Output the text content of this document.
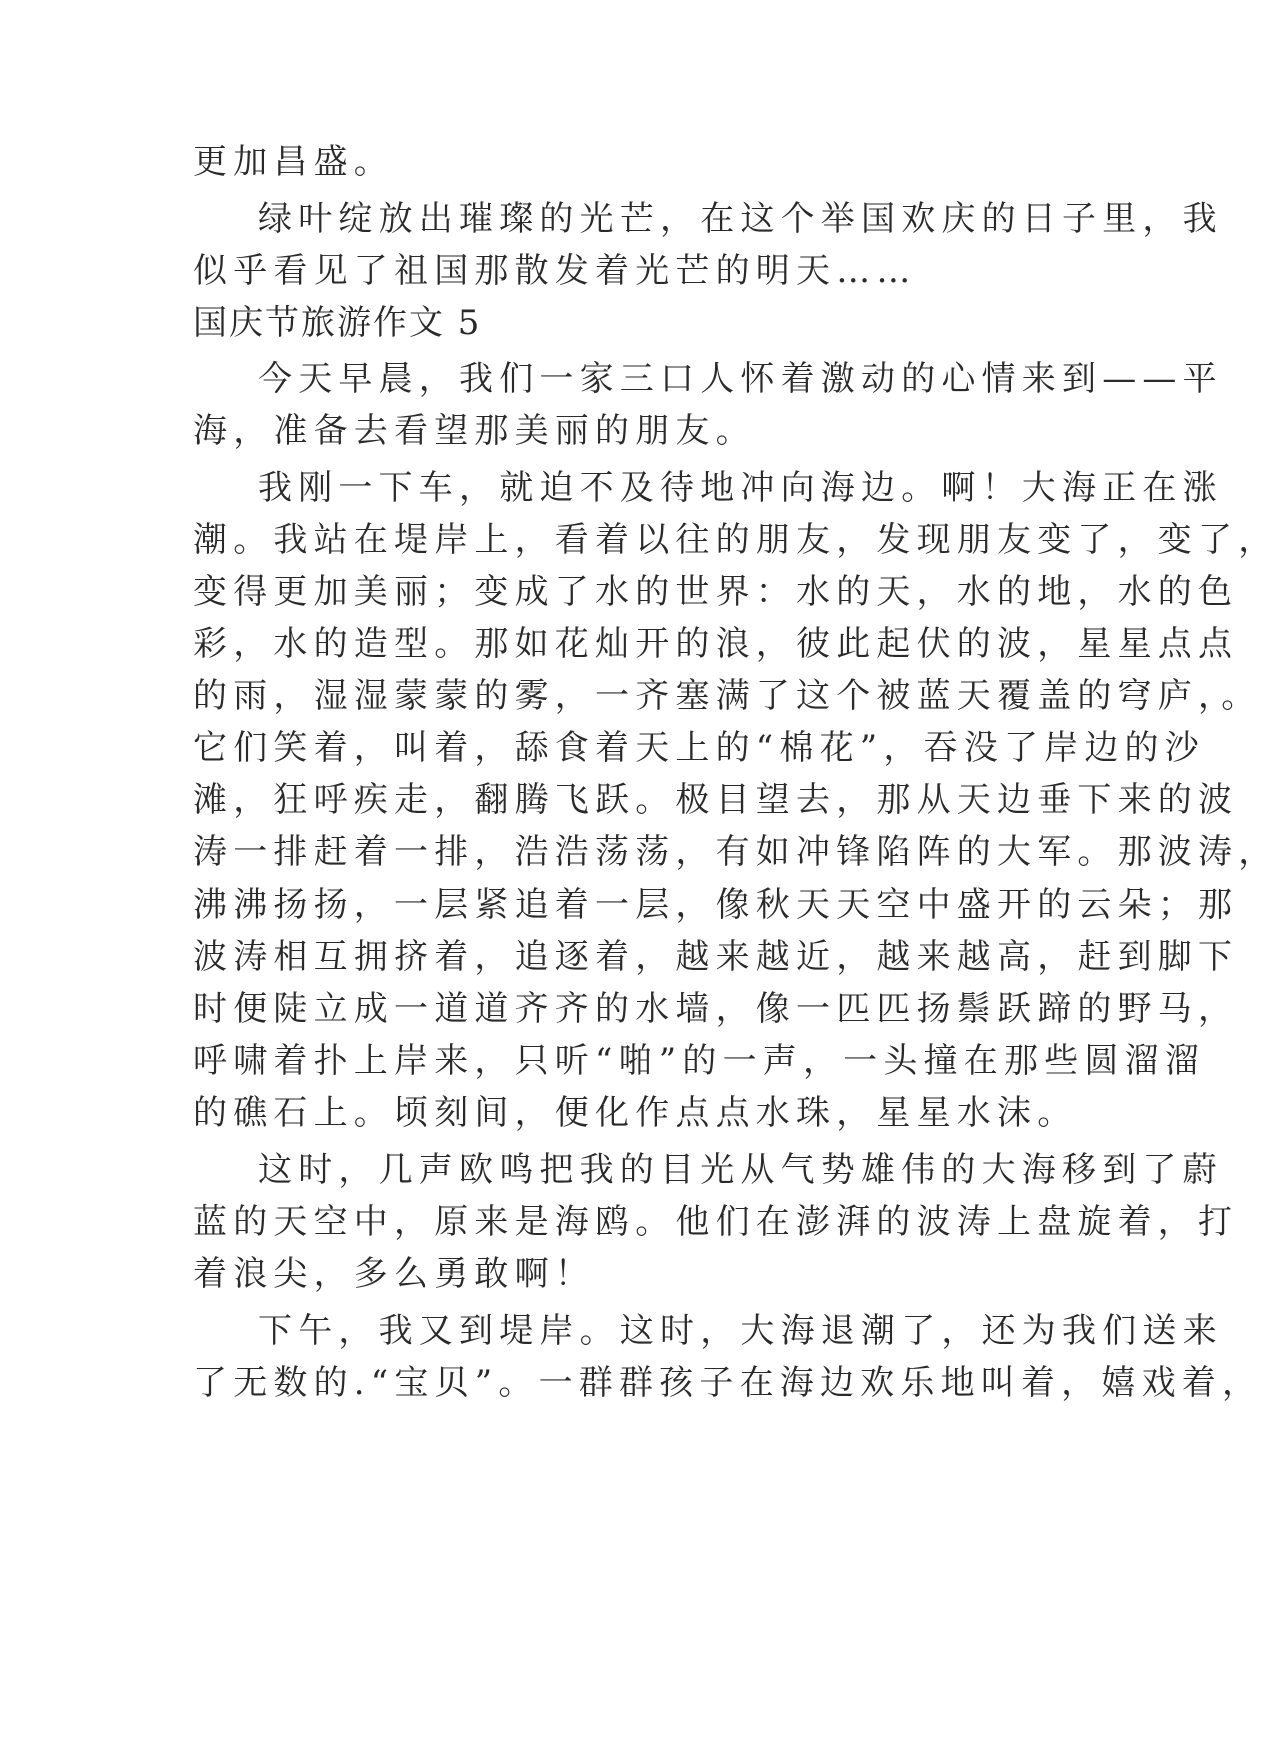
更加昌盛。
绿叶绽放出璀璨的光芒，在这个举国欢庆的日子里，我
似乎看见了祖国那散发着光芒的明天……
国庆节旅游作文 5
今天早晨，我们一家三口人怀着激动的心情来到——平
海，准备去看望那美丽的朋友。
我刚一下车，就迫不及待地冲向海边。啊！大海正在涨
潮。我站在堤岸上，看着以往的朋友，发现朋友变了，变了，
变得更加美丽；变成了水的世界：水的天，水的地，水的色
彩，水的造型。那如花灿开的浪，彼此起伏的波，星星点点
的雨，湿湿蒙蒙的雾，一齐塞满了这个被蓝天覆盖的穹庐，。
它们笑着，叫着，舔食着天上的“棉花”，吞没了岸边的沙
滩，狂呼疾走，翻腾飞跃。极目望去，那从天边垂下来的波
涛一排赶着一排，浩浩荡荡，有如冲锋陷阵的大军。那波涛，
沸沸扬扬，一层紧追着一层，像秋天天空中盛开的云朵；那
波涛相互拥挤着，追逐着，越来越近，越来越高，赶到脚下
时便陡立成一道道齐齐的水墙，像一匹匹扬鬃跃蹄的野马，
呼啸着扑上岸来，只听“啪”的一声，一头撞在那些圆溜溜
的礁石上。顷刻间，便化作点点水珠，星星水沫。
这时，几声欧鸣把我的目光从气势雄伟的大海移到了蔚
蓝的天空中，原来是海鸥。他们在澎湃的波涛上盘旋着，打
着浪尖，多么勇敢啊！
下午，我又到堤岸。这时，大海退潮了，还为我们送来
了无数的.“宝贝”。一群群孩子在海边欢乐地叫着，嬉戏着，
